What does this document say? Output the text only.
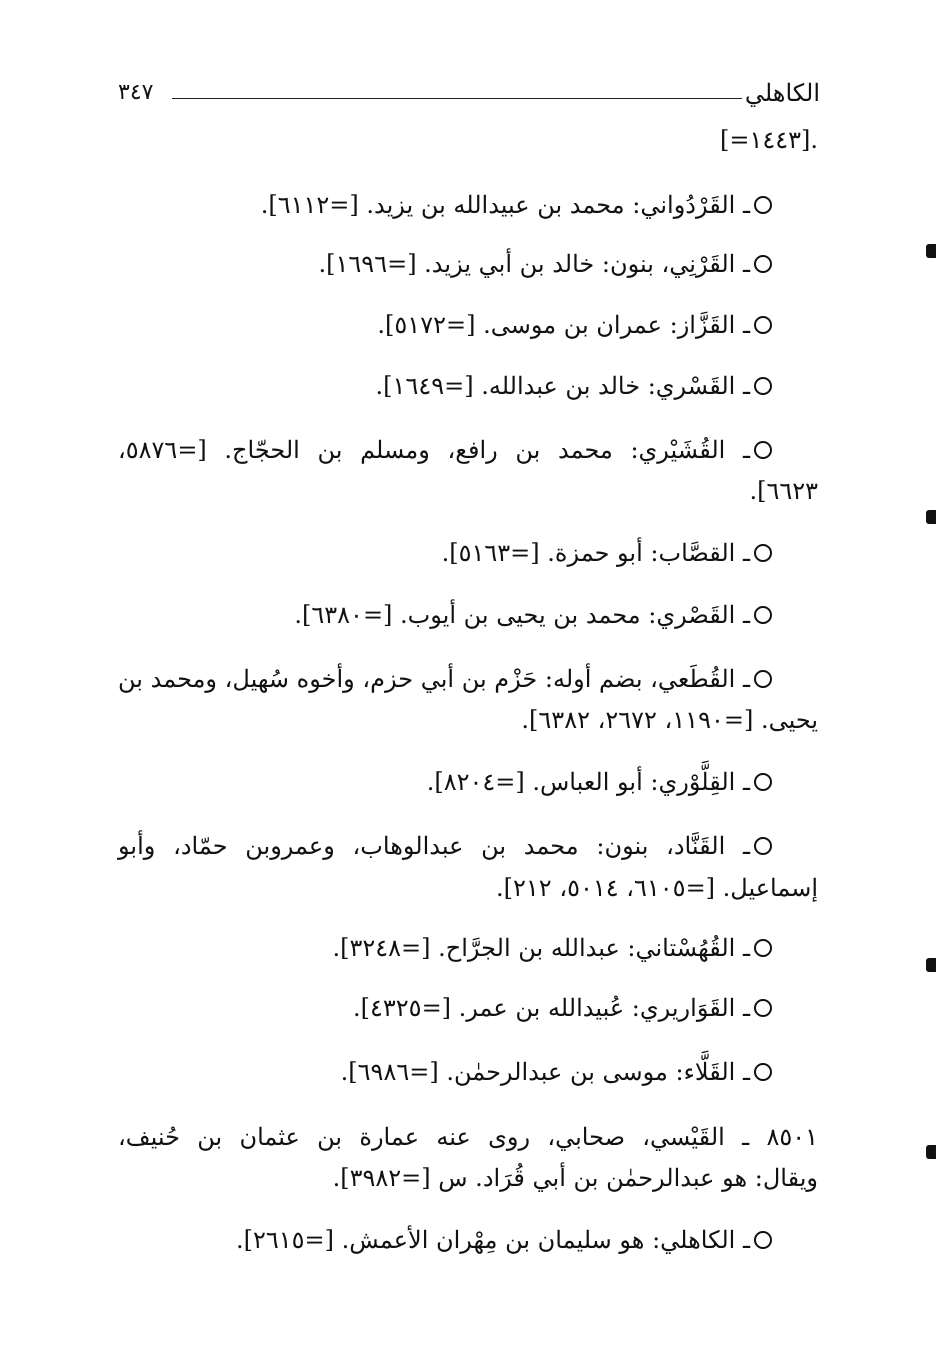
الكاهلي
٣٤٧
.[١٤٤٣=]
ـ القَرْدُواني: محمد بن عبيدالله بن يزيد. [=٦١١٢].
ـ القَرْنِي، بنون: خالد بن أبي يزيد. [=١٦٩٦].
ـ القَزَّاز: عمران بن موسى. [=٥١٧٢].
ـ القَسْري: خالد بن عبدالله. [=١٦٤٩].
ـ القُشَيْري: محمد بن رافع، ومسلم بن الحجّاج. [=٥٨٧٦،
٦٦٢٣].
ـ القصَّاب: أبو حمزة. [=٥١٦٣].
ـ القَصْري: محمد بن يحيى بن أيوب. [=٦٣٨٠].
ـ القُطَعي، بضم أوله: حَزْم بن أبي حزم، وأخوه سُهيل، ومحمد بن
يحيى. [=١١٩٠، ٢٦٧٢، ٦٣٨٢].
ـ القِلَّوْري: أبو العباس. [=٨٢٠٤].
ـ القَنَّاد، بنون: محمد بن عبدالوهاب، وعمروبن حمّاد، وأبو
إسماعيل. [=٦١٠٥، ٥٠١٤، ٢١٢].
ـ القُهُسْتاني: عبدالله بن الجرَّاح. [=٣٢٤٨].
ـ القَوَاريري: عُبيدالله بن عمر. [=٤٣٢٥].
ـ القَلَّاء: موسى بن عبدالرحمٰن. [=٦٩٨٦].
٨٥٠١ ـ القَيْسي، صحابي، روى عنه عمارة بن عثمان بن حُنيف،
ويقال: هو عبدالرحمٰن بن أبي قُرَاد. س [=٣٩٨٢].
ـ الكاهلي: هو سليمان بن مِهْران الأعمش. [=٢٦١٥].
